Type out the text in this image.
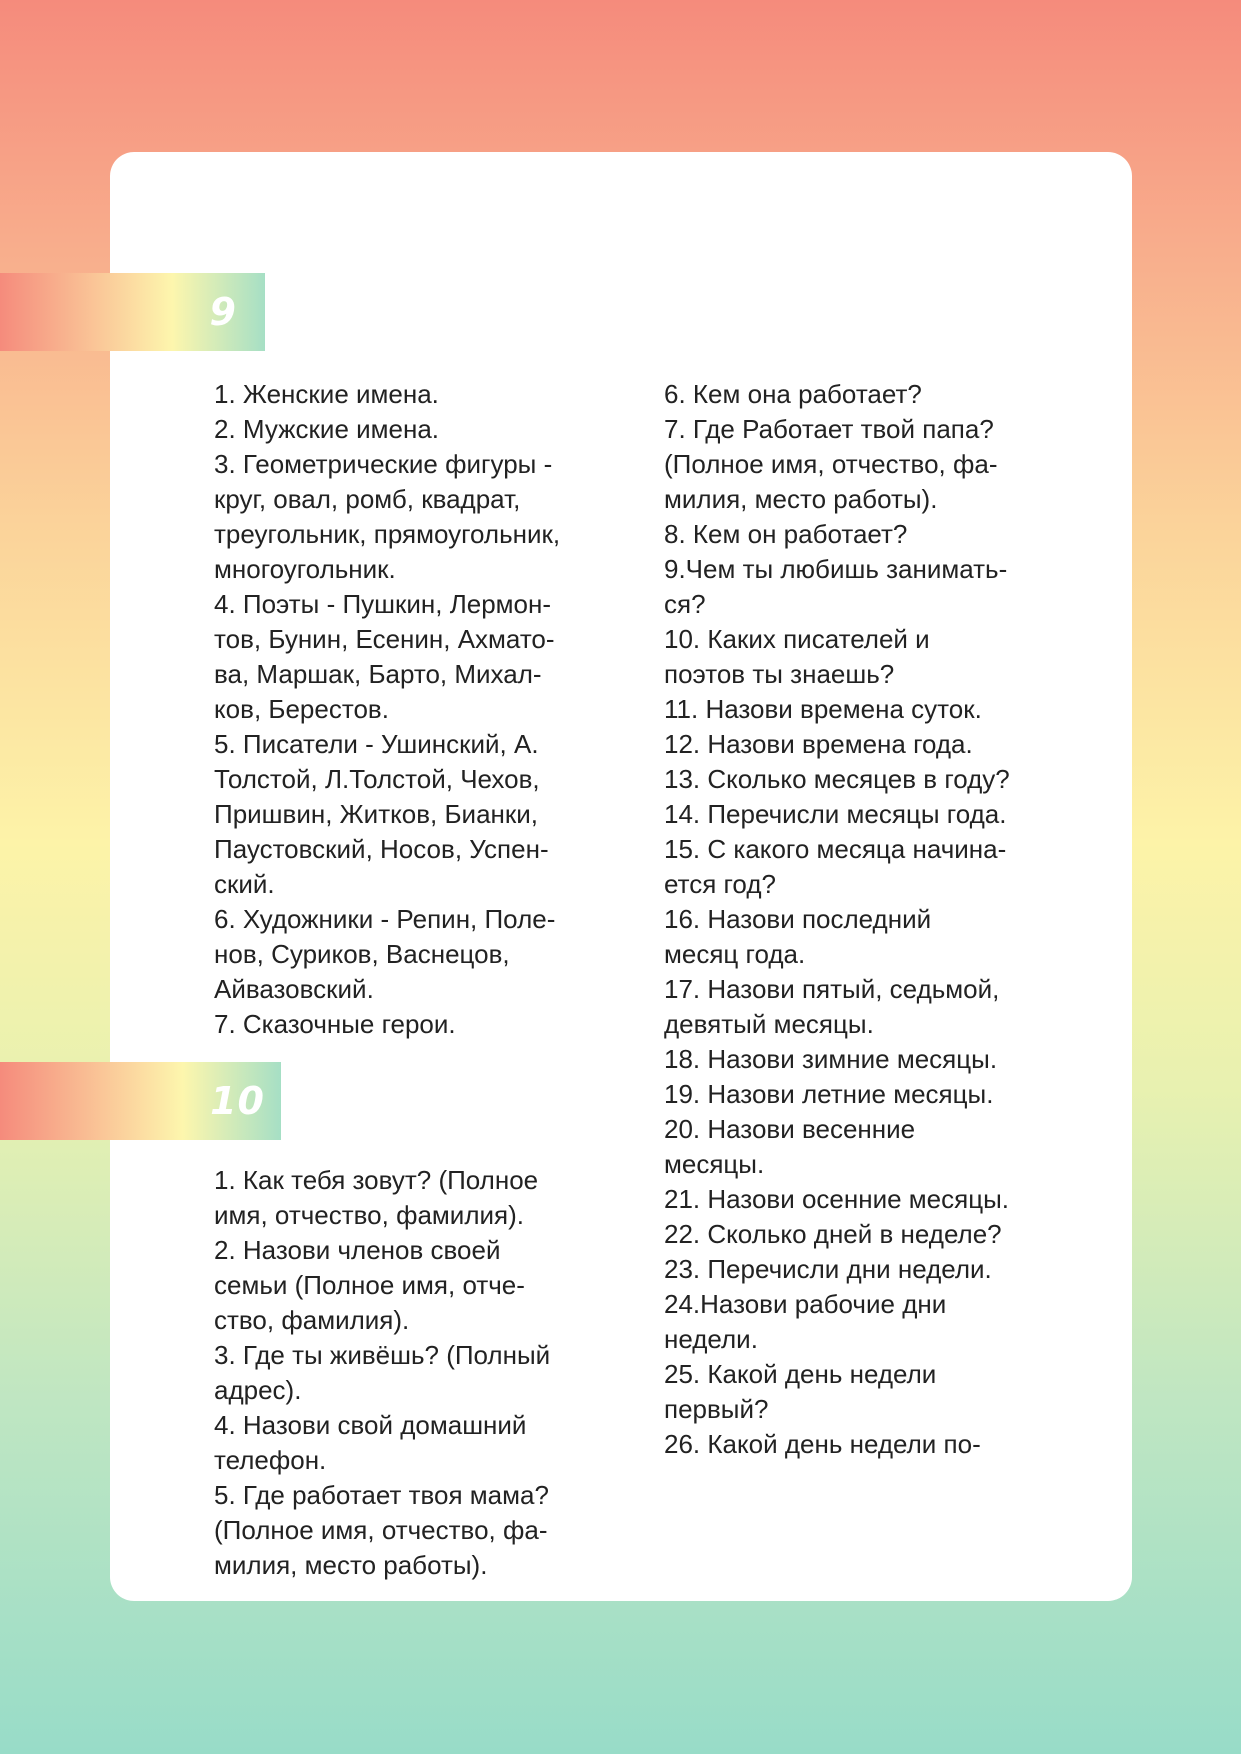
9

1. Женские имена.

2. Мужские имена.

3. Геометрические фигуры -
круг, овал, ромб, квадрат,
треугольник, прямоугольник,
многоугольник.

4. Поэты - Пушкин, Лермон-
тов, Бунин, Есенин, Ахмато-
ва, Маршак, Барто, Михал-
ков, Берестов.

5. Писатели - Ушинский, А.
Толстой, Л.Толстой, Чехов,
Пришвин, Житков, Бианки,
Паустовский, Носов, Успен-
ский.

6. Художники - Репин, Поле-
нов, Суриков, Васнецов,
Айвазовский.

7. Сказочные герои.

10

1. Как тебя зовут? (Полное
имя, отчество, фамилия).

2. Назови членов своей
семьи (Полное имя, отче-
ство, фамилия).

3. Где ты живёшь? (Полный
адрес).

4. Назови свой домашний
телефон.

5. Где работает твоя мама?
(Полное имя, отчество, фа-
милия, место работы).

6. Кем она работает?

7. Где Работает твой папа?
(Полное имя, отчество, фа-
милия, место работы).

8. Кем он работает?

9.Чем ты любишь занимать-
ся?

10. Каких писателей и
поэтов ты знаешь?

11. Назови времена суток.

12. Назови времена года.

13. Сколько месяцев в году?

14. Перечисли месяцы года.

15. С какого месяца начина-
ется год?

16. Назови последний
месяц года.

17. Назови пятый, седьмой,
девятый месяцы.

18. Назови зимние месяцы.

19. Назови летние месяцы.

20. Назови весенние
месяцы.

21. Назови осенние месяцы.

22. Сколько дней в неделе?

23. Перечисли дни недели.

24.Назови рабочие дни
недели.

25. Какой день недели
первый?

26. Какой день недели по-
